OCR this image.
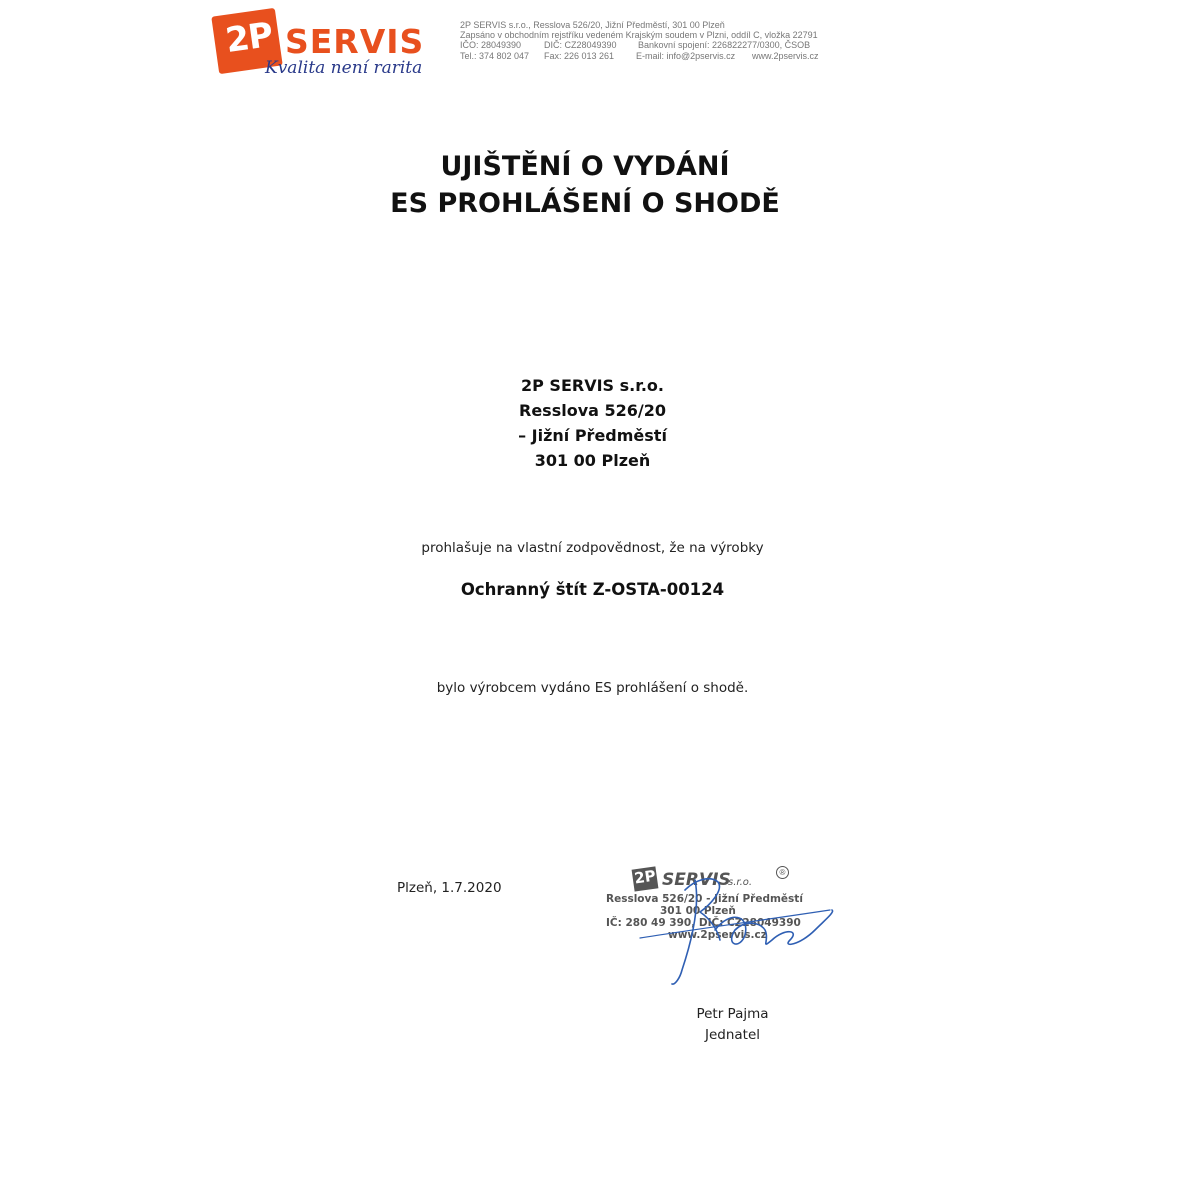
2P SERVIS
Kvalita není rarita
2P SERVIS s.r.o., Resslova 526/20, Jižní Předměstí, 301 00 Plzeň
Zapsáno v obchodním rejstříku vedeném Krajským soudem v Plzni, oddíl C, vložka 22791
IČO: 28049390	DIČ: CZ28049390	Bankovní spojení: 226822277/0300, ČSOB
Tel.: 374 802 047	Fax: 226 013 261	E-mail: info@2pservis.cz	www.2pservis.cz
UJIŠTĚNÍ O VYDÁNÍ
ES PROHLÁŠENÍ O SHODĚ
2P SERVIS s.r.o.
Resslova 526/20
– Jižní Předměstí
301 00 Plzeň
prohlašuje na vlastní zodpovědnost, že na výrobky
Ochranný štít Z-OSTA-00124
bylo výrobcem vydáno ES prohlášení o shodě.
Plzeň, 1.7.2020
2P SERVIS
s.r.o.
®
Resslova 526/20 - Jižní Předměstí
301 00 Plzeň
IČ: 280 49 390, DIČ: CZ28049390
www.2pservis.cz
Petr Pajma
Jednatel
